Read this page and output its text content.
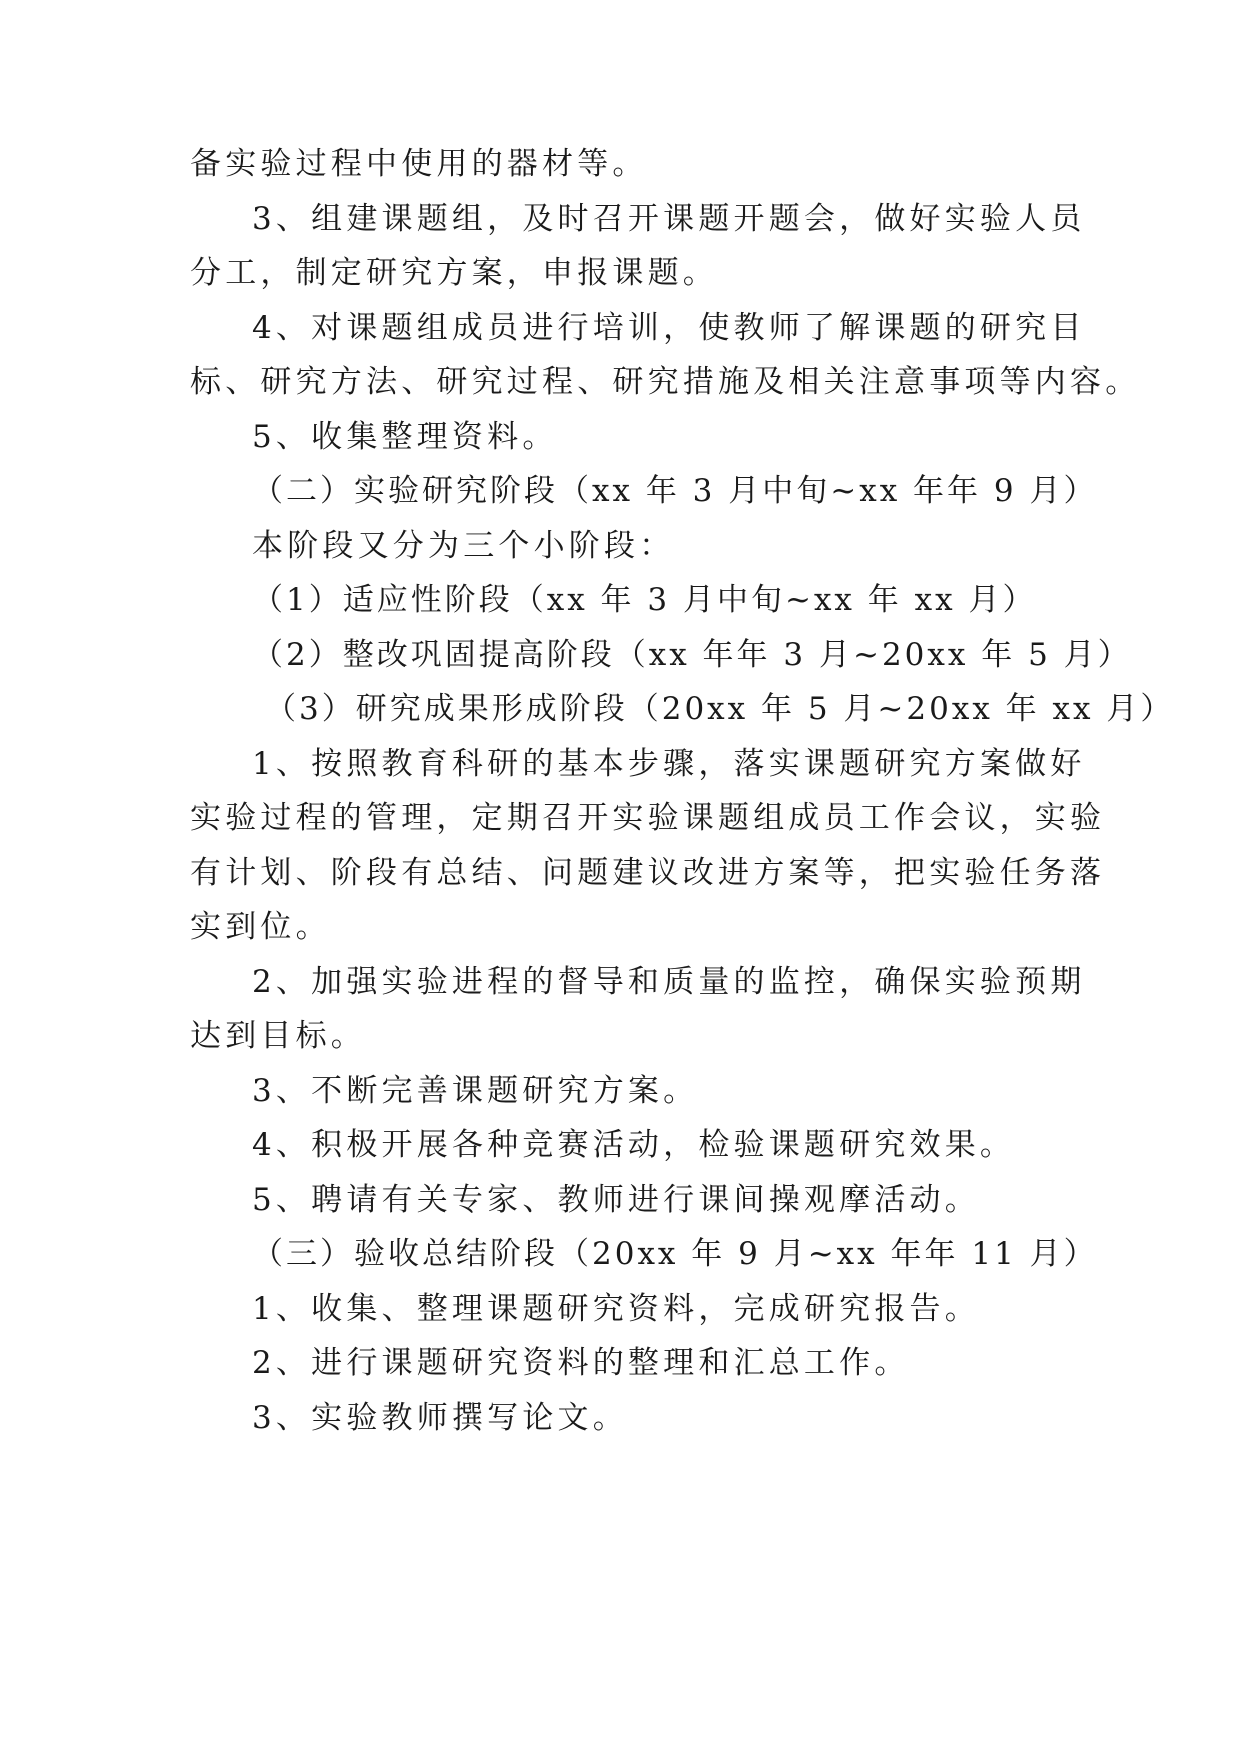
备实验过程中使用的器材等。
3、组建课题组，及时召开课题开题会，做好实验人员
分工，制定研究方案，申报课题。
4、对课题组成员进行培训，使教师了解课题的研究目
标、研究方法、研究过程、研究措施及相关注意事项等内容。
5、收集整理资料。
（二）实验研究阶段（xx 年 3 月中旬~xx 年年 9 月）
本阶段又分为三个小阶段：
（1）适应性阶段（xx 年 3 月中旬~xx 年 xx 月）
（2）整改巩固提高阶段（xx 年年 3 月~20xx 年 5 月）
（3）研究成果形成阶段（20xx 年 5 月~20xx 年 xx 月）
1、按照教育科研的基本步骤，落实课题研究方案做好
实验过程的管理，定期召开实验课题组成员工作会议，实验
有计划、阶段有总结、问题建议改进方案等，把实验任务落
实到位。
2、加强实验进程的督导和质量的监控，确保实验预期
达到目标。
3、不断完善课题研究方案。
4、积极开展各种竞赛活动，检验课题研究效果。
5、聘请有关专家、教师进行课间操观摩活动。
（三）验收总结阶段（20xx 年 9 月~xx 年年 11 月）
1、收集、整理课题研究资料，完成研究报告。
2、进行课题研究资料的整理和汇总工作。
3、实验教师撰写论文。
